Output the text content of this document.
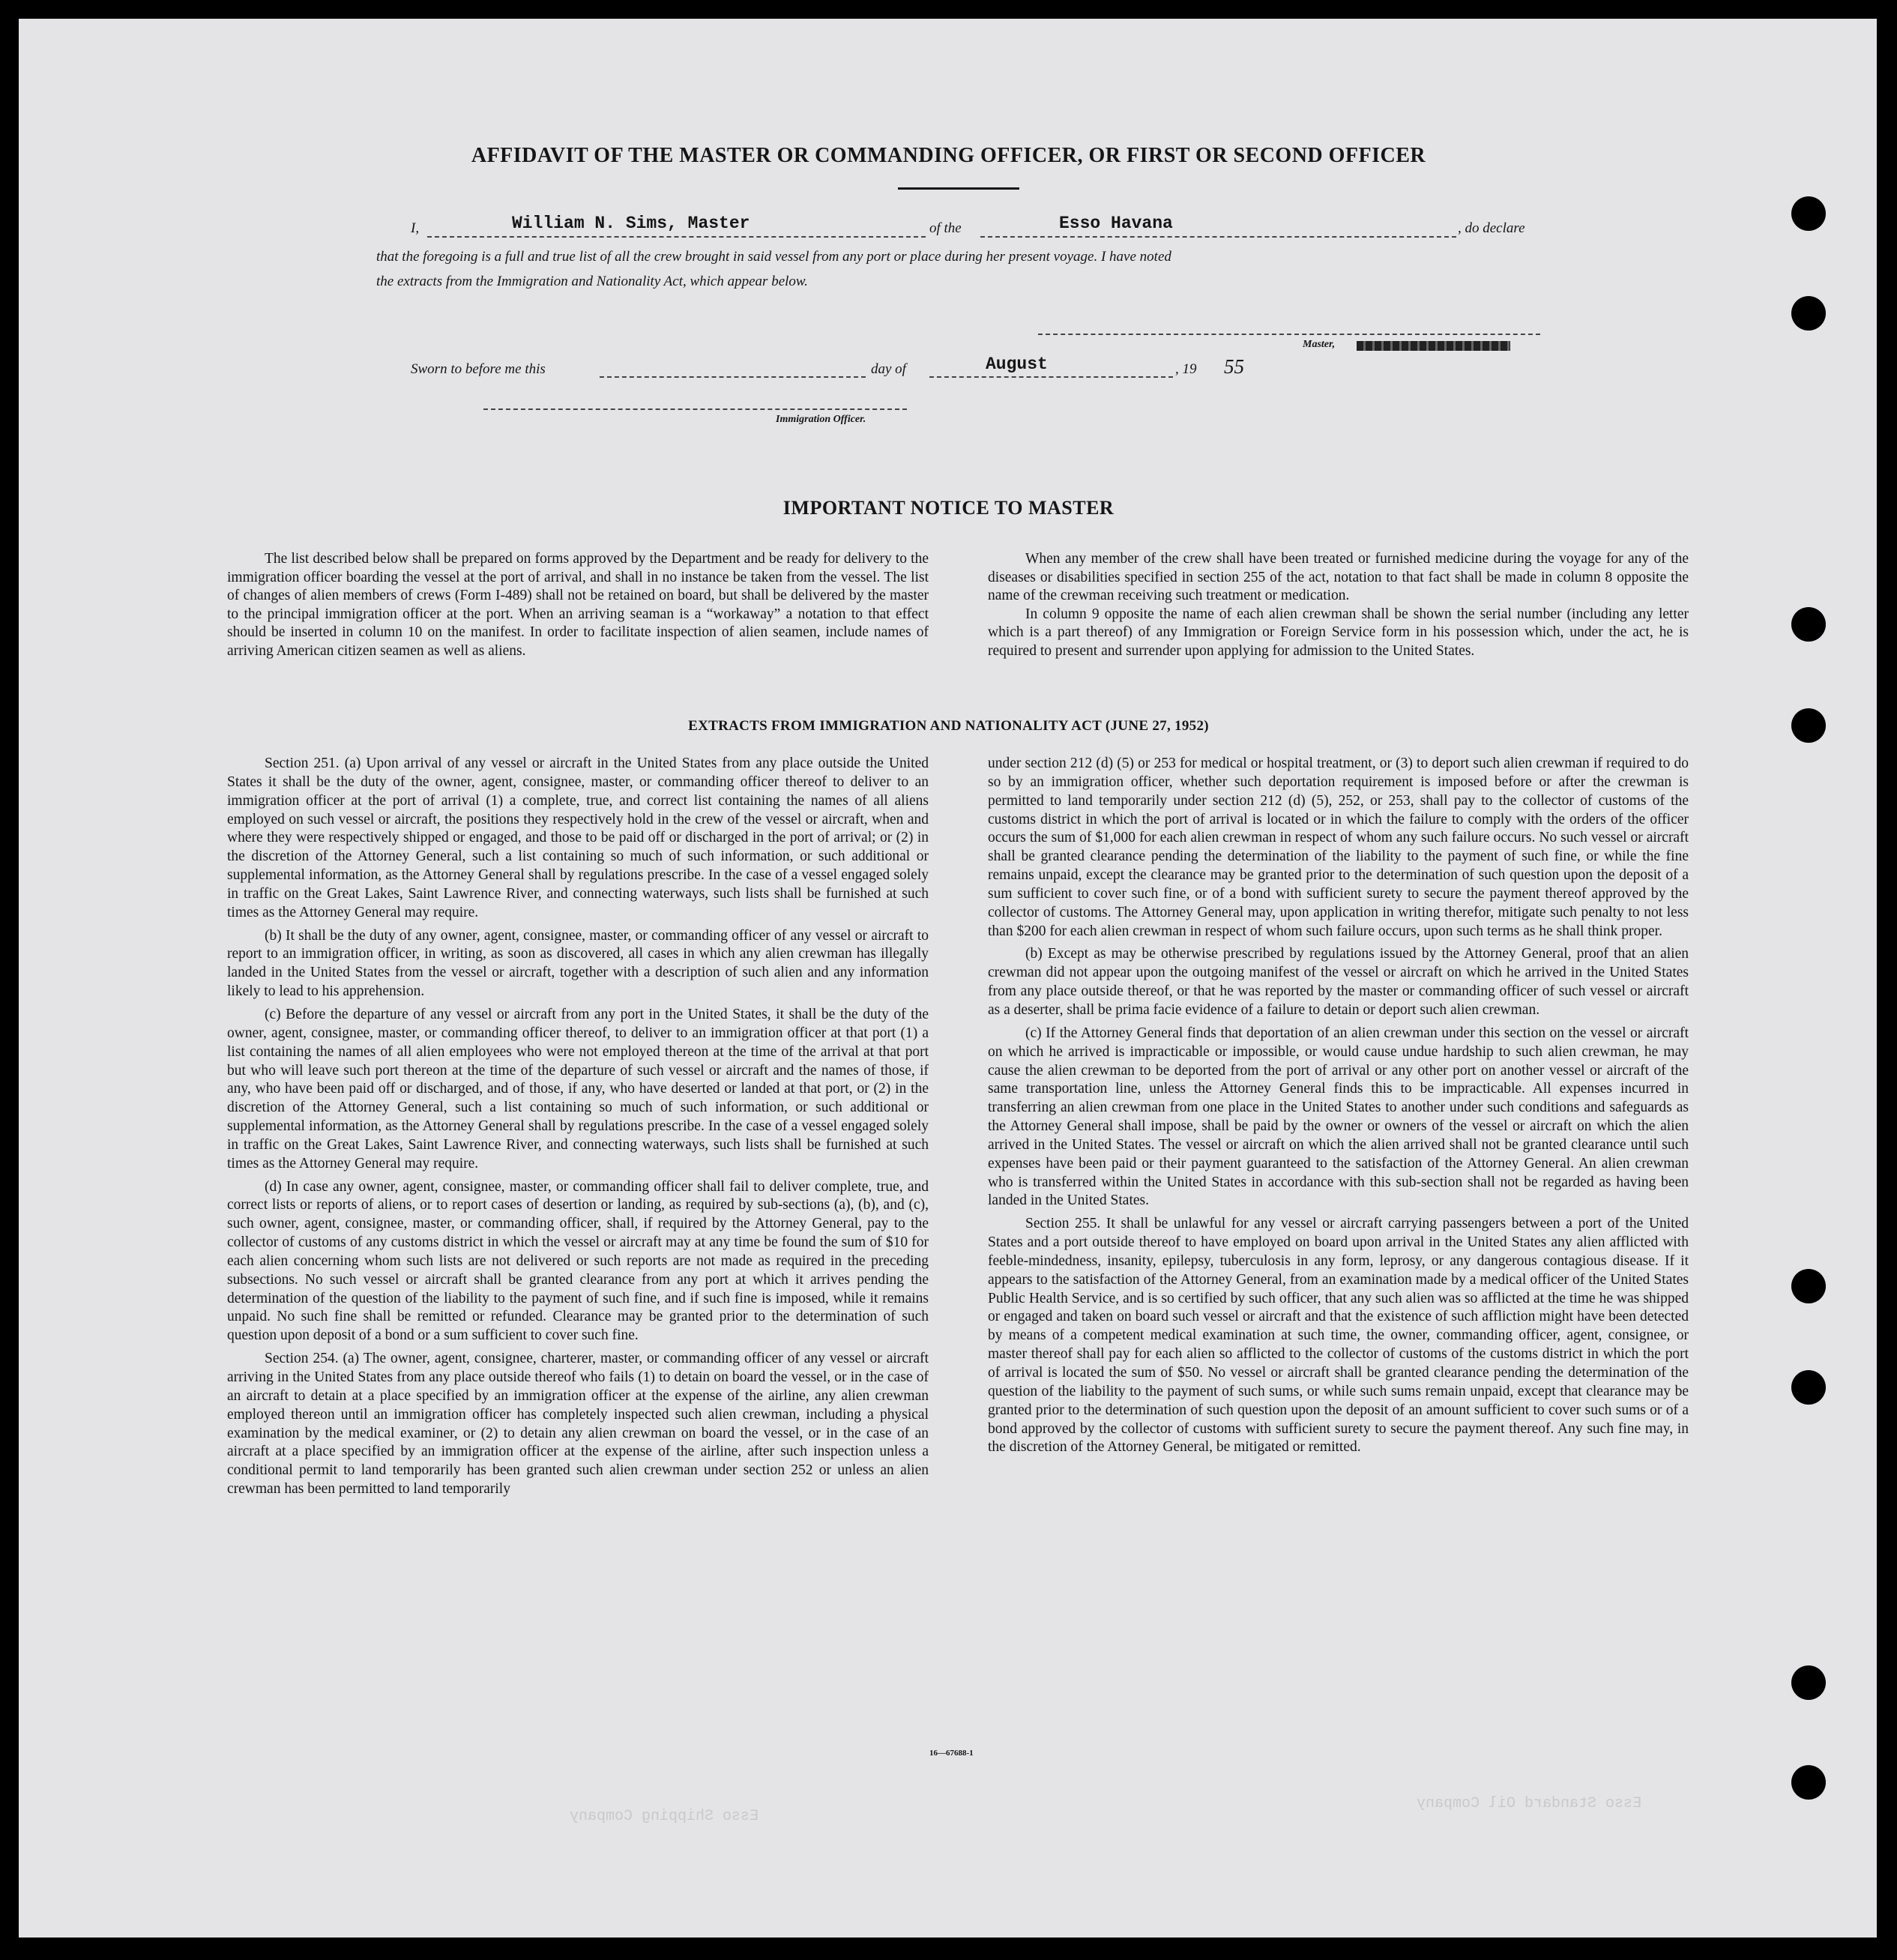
Esso Standard Oil Company
Esso Shipping Company
AFFIDAVIT OF THE MASTER OR COMMANDING OFFICER, OR FIRST OR SECOND OFFICER
I,	William N. Sims, Master	of the	Esso Havana	, do declare
that the foregoing is a full and true list of all the crew brought in said vessel from any port or place during her present voyage. I have noted
the extracts from the Immigration and Nationality Act, which appear below.
Master,
Sworn to before me this	day of	August	, 19 55
Immigration Officer.
IMPORTANT NOTICE TO MASTER

The list described below shall be prepared on forms approved by the Department and be ready for delivery to the immigration officer boarding the vessel at the port of arrival, and shall in no instance be taken from the vessel. The list of changes of alien members of crews (Form I-489) shall not be retained on board, but shall be delivered by the master to the principal immigration officer at the port. When an arriving seaman is a “workaway” a notation to that effect should be inserted in column 10 on the manifest. In order to facilitate inspection of alien seamen, include names of arriving American citizen seamen as well as aliens.

When any member of the crew shall have been treated or furnished medicine during the voyage for any of the diseases or disabilities specified in section 255 of the act, notation to that fact shall be made in column 8 opposite the name of the crewman receiving such treatment or medication.

In column 9 opposite the name of each alien crewman shall be shown the serial number (including any letter which is a part thereof) of any Immigration or Foreign Service form in his possession which, under the act, he is required to present and surrender upon applying for admission to the United States.

EXTRACTS FROM IMMIGRATION AND NATIONALITY ACT (JUNE 27, 1952)

Section 251. (a) Upon arrival of any vessel or aircraft in the United States from any place outside the United States it shall be the duty of the owner, agent, consignee, master, or commanding officer thereof to deliver to an immigration officer at the port of arrival (1) a complete, true, and correct list containing the names of all aliens employed on such vessel or aircraft, the positions they respectively hold in the crew of the vessel or aircraft, when and where they were respectively shipped or engaged, and those to be paid off or discharged in the port of arrival; or (2) in the discretion of the Attorney General, such a list containing so much of such information, or such additional or supplemental information, as the Attorney General shall by regulations prescribe. In the case of a vessel engaged solely in traffic on the Great Lakes, Saint Lawrence River, and connecting waterways, such lists shall be furnished at such times as the Attorney General may require.

(b) It shall be the duty of any owner, agent, consignee, master, or commanding officer of any vessel or aircraft to report to an immigration officer, in writing, as soon as discovered, all cases in which any alien crewman has illegally landed in the United States from the vessel or aircraft, together with a description of such alien and any information likely to lead to his apprehension.

(c) Before the departure of any vessel or aircraft from any port in the United States, it shall be the duty of the owner, agent, consignee, master, or commanding officer thereof, to deliver to an immigration officer at that port (1) a list containing the names of all alien employees who were not employed thereon at the time of the arrival at that port but who will leave such port thereon at the time of the departure of such vessel or aircraft and the names of those, if any, who have been paid off or discharged, and of those, if any, who have deserted or landed at that port, or (2) in the discretion of the Attorney General, such a list containing so much of such information, or such additional or supplemental information, as the Attorney General shall by regulations prescribe. In the case of a vessel engaged solely in traffic on the Great Lakes, Saint Lawrence River, and connecting waterways, such lists shall be furnished at such times as the Attorney General may require.

(d) In case any owner, agent, consignee, master, or commanding officer shall fail to deliver complete, true, and correct lists or reports of aliens, or to report cases of desertion or landing, as required by sub-sections (a), (b), and (c), such owner, agent, consignee, master, or commanding officer, shall, if required by the Attorney General, pay to the collector of customs of any customs district in which the vessel or aircraft may at any time be found the sum of $10 for each alien concerning whom such lists are not delivered or such reports are not made as required in the preceding subsections. No such vessel or aircraft shall be granted clearance from any port at which it arrives pending the determination of the question of the liability to the payment of such fine, and if such fine is imposed, while it remains unpaid. No such fine shall be remitted or refunded. Clearance may be granted prior to the determination of such question upon deposit of a bond or a sum sufficient to cover such fine.

Section 254. (a) The owner, agent, consignee, charterer, master, or commanding officer of any vessel or aircraft arriving in the United States from any place outside thereof who fails (1) to detain on board the vessel, or in the case of an aircraft to detain at a place specified by an immigration officer at the expense of the airline, any alien crewman employed thereon until an immigration officer has completely inspected such alien crewman, including a physical examination by the medical examiner, or (2) to detain any alien crewman on board the vessel, or in the case of an aircraft at a place specified by an immigration officer at the expense of the airline, after such inspection unless a conditional permit to land temporarily has been granted such alien crewman under section 252 or unless an alien crewman has been permitted to land temporarily

under section 212 (d) (5) or 253 for medical or hospital treatment, or (3) to deport such alien crewman if required to do so by an immigration officer, whether such deportation requirement is imposed before or after the crewman is permitted to land temporarily under section 212 (d) (5), 252, or 253, shall pay to the collector of customs of the customs district in which the port of arrival is located or in which the failure to comply with the orders of the officer occurs the sum of $1,000 for each alien crewman in respect of whom any such failure occurs. No such vessel or aircraft shall be granted clearance pending the determination of the liability to the payment of such fine, or while the fine remains unpaid, except the clearance may be granted prior to the determination of such question upon the deposit of a sum sufficient to cover such fine, or of a bond with sufficient surety to secure the payment thereof approved by the collector of customs. The Attorney General may, upon application in writing therefor, mitigate such penalty to not less than $200 for each alien crewman in respect of whom such failure occurs, upon such terms as he shall think proper.

(b) Except as may be otherwise prescribed by regulations issued by the Attorney General, proof that an alien crewman did not appear upon the outgoing manifest of the vessel or aircraft on which he arrived in the United States from any place outside thereof, or that he was reported by the master or commanding officer of such vessel or aircraft as a deserter, shall be prima facie evidence of a failure to detain or deport such alien crewman.

(c) If the Attorney General finds that deportation of an alien crewman under this section on the vessel or aircraft on which he arrived is impracticable or impossible, or would cause undue hardship to such alien crewman, he may cause the alien crewman to be deported from the port of arrival or any other port on another vessel or aircraft of the same transportation line, unless the Attorney General finds this to be impracticable. All expenses incurred in transferring an alien crewman from one place in the United States to another under such conditions and safeguards as the Attorney General shall impose, shall be paid by the owner or owners of the vessel or aircraft on which the alien arrived in the United States. The vessel or aircraft on which the alien arrived shall not be granted clearance until such expenses have been paid or their payment guaranteed to the satisfaction of the Attorney General. An alien crewman who is transferred within the United States in accordance with this sub-section shall not be regarded as having been landed in the United States.

Section 255. It shall be unlawful for any vessel or aircraft carrying passengers between a port of the United States and a port outside thereof to have employed on board upon arrival in the United States any alien afflicted with feeble-mindedness, insanity, epilepsy, tuberculosis in any form, leprosy, or any dangerous contagious disease. If it appears to the satisfaction of the Attorney General, from an examination made by a medical officer of the United States Public Health Service, and is so certified by such officer, that any such alien was so afflicted at the time he was shipped or engaged and taken on board such vessel or aircraft and that the existence of such affliction might have been detected by means of a competent medical examination at such time, the owner, commanding officer, agent, consignee, or master thereof shall pay for each alien so afflicted to the collector of customs of the customs district in which the port of arrival is located the sum of $50. No vessel or aircraft shall be granted clearance pending the determination of the question of the liability to the payment of such sums, or while such sums remain unpaid, except that clearance may be granted prior to the determination of such question upon the deposit of an amount sufficient to cover such sums or of a bond approved by the collector of customs with sufficient surety to secure the payment thereof. Any such fine may, in the discretion of the Attorney General, be mitigated or remitted.

16—67688-1
